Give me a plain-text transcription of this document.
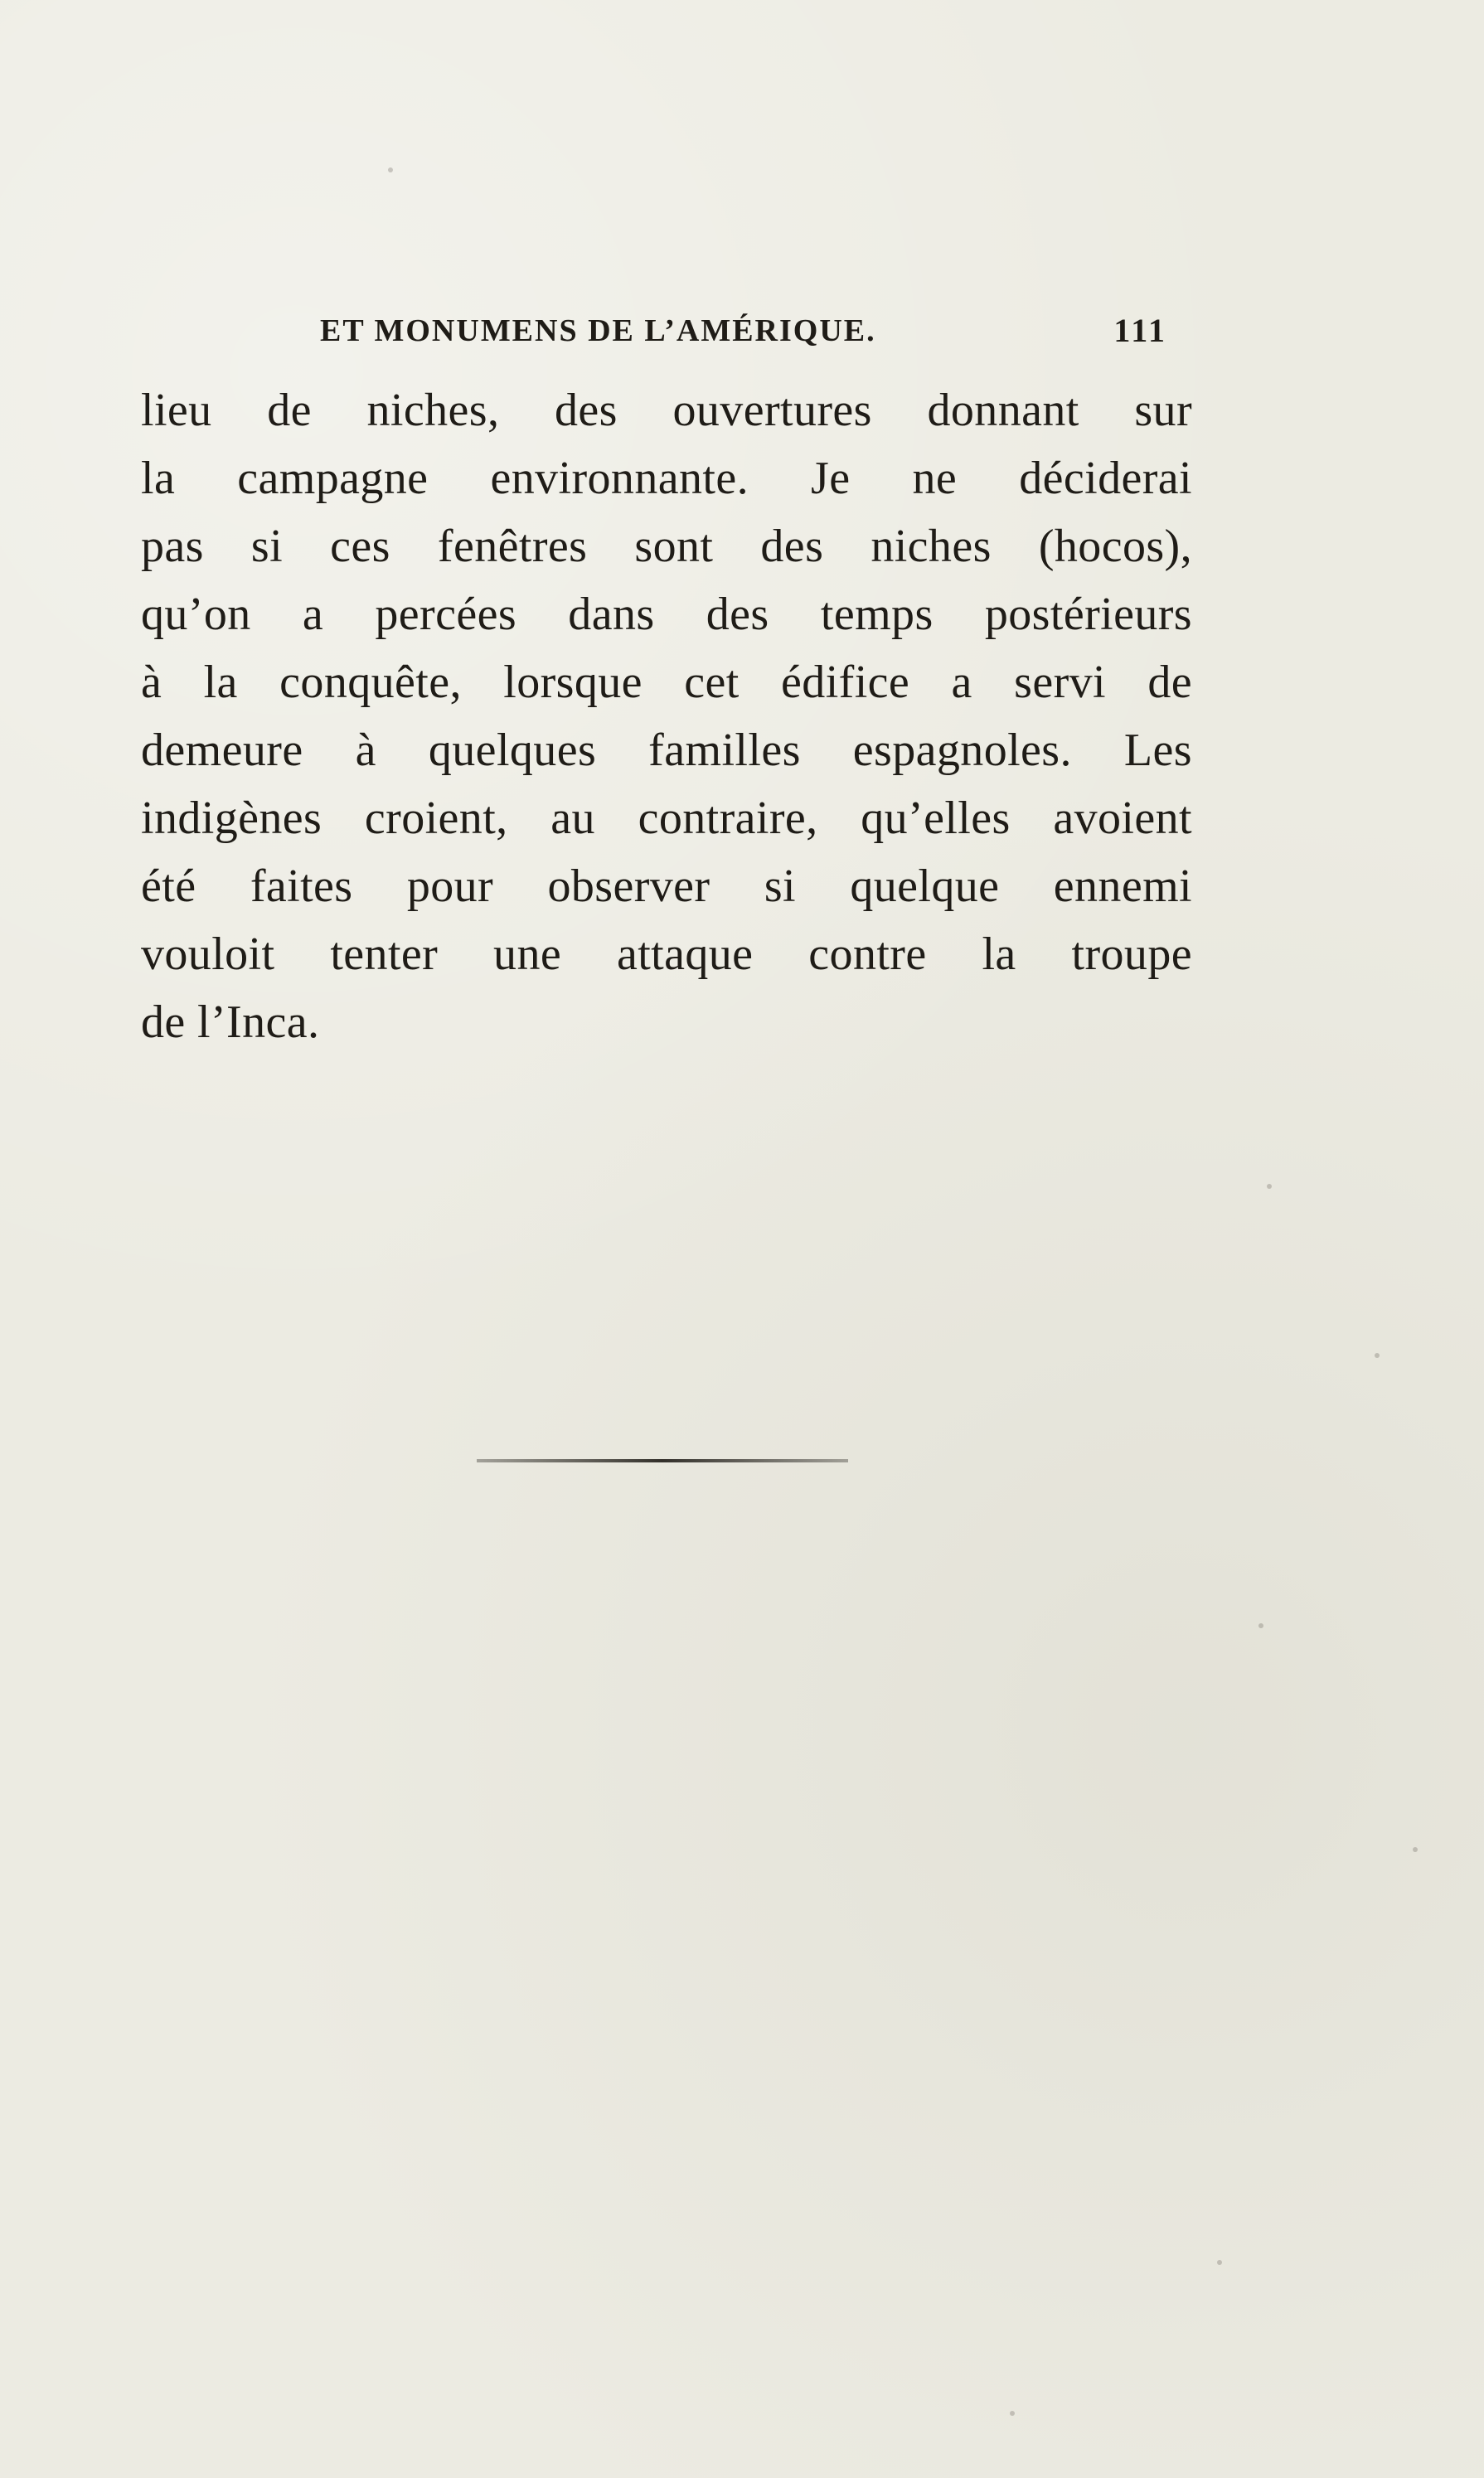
ET MONUMENS DE L’AMÉRIQUE.	111
lieu de niches, des ouvertures donnant sur
la campagne environnante. Je ne déciderai
pas si ces fenêtres sont des niches (hocos),
qu’on a percées dans des temps postérieurs
à la conquête, lorsque cet édifice a servi de
demeure à quelques familles espagnoles. Les
indigènes croient, au contraire, qu’elles avoient
été faites pour observer si quelque ennemi
vouloit tenter une attaque contre la troupe
de l’Inca.
